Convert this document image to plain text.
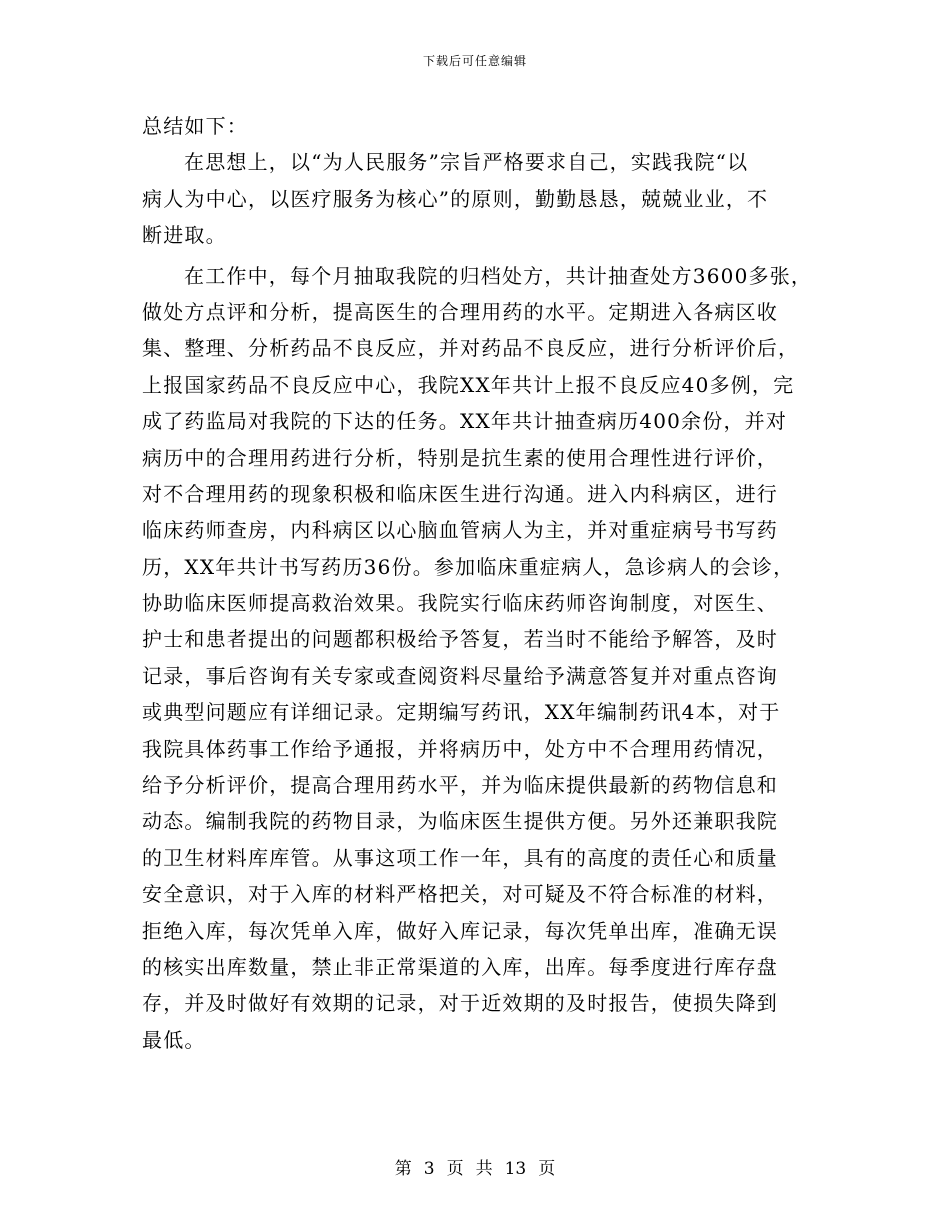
下载后可任意编辑
总结如下：
在思想上，以“为人民服务”宗旨严格要求自己，实践我院“以
病人为中心，以医疗服务为核心”的原则，勤勤恳恳，兢兢业业，不
断进取。
在工作中，每个月抽取我院的归档处方，共计抽查处方3600多张，
做处方点评和分析，提高医生的合理用药的水平。定期进入各病区收
集、整理、分析药品不良反应，并对药品不良反应，进行分析评价后，
上报国家药品不良反应中心，我院XX年共计上报不良反应40多例，完
成了药监局对我院的下达的任务。XX年共计抽查病历400余份，并对
病历中的合理用药进行分析，特别是抗生素的使用合理性进行评价，
对不合理用药的现象积极和临床医生进行沟通。进入内科病区，进行
临床药师查房，内科病区以心脑血管病人为主，并对重症病号书写药
历，XX年共计书写药历36份。参加临床重症病人，急诊病人的会诊，
协助临床医师提高救治效果。我院实行临床药师咨询制度，对医生、
护士和患者提出的问题都积极给予答复，若当时不能给予解答，及时
记录，事后咨询有关专家或查阅资料尽量给予满意答复并对重点咨询
或典型问题应有详细记录。定期编写药讯，XX年编制药讯4本，对于
我院具体药事工作给予通报，并将病历中，处方中不合理用药情况，
给予分析评价，提高合理用药水平，并为临床提供最新的药物信息和
动态。编制我院的药物目录，为临床医生提供方便。另外还兼职我院
的卫生材料库库管。从事这项工作一年，具有的高度的责任心和质量
安全意识，对于入库的材料严格把关，对可疑及不符合标准的材料，
拒绝入库，每次凭单入库，做好入库记录，每次凭单出库，准确无误
的核实出库数量，禁止非正常渠道的入库，出库。每季度进行库存盘
存，并及时做好有效期的记录，对于近效期的及时报告，使损失降到
最低。
第 3 页 共 13 页
